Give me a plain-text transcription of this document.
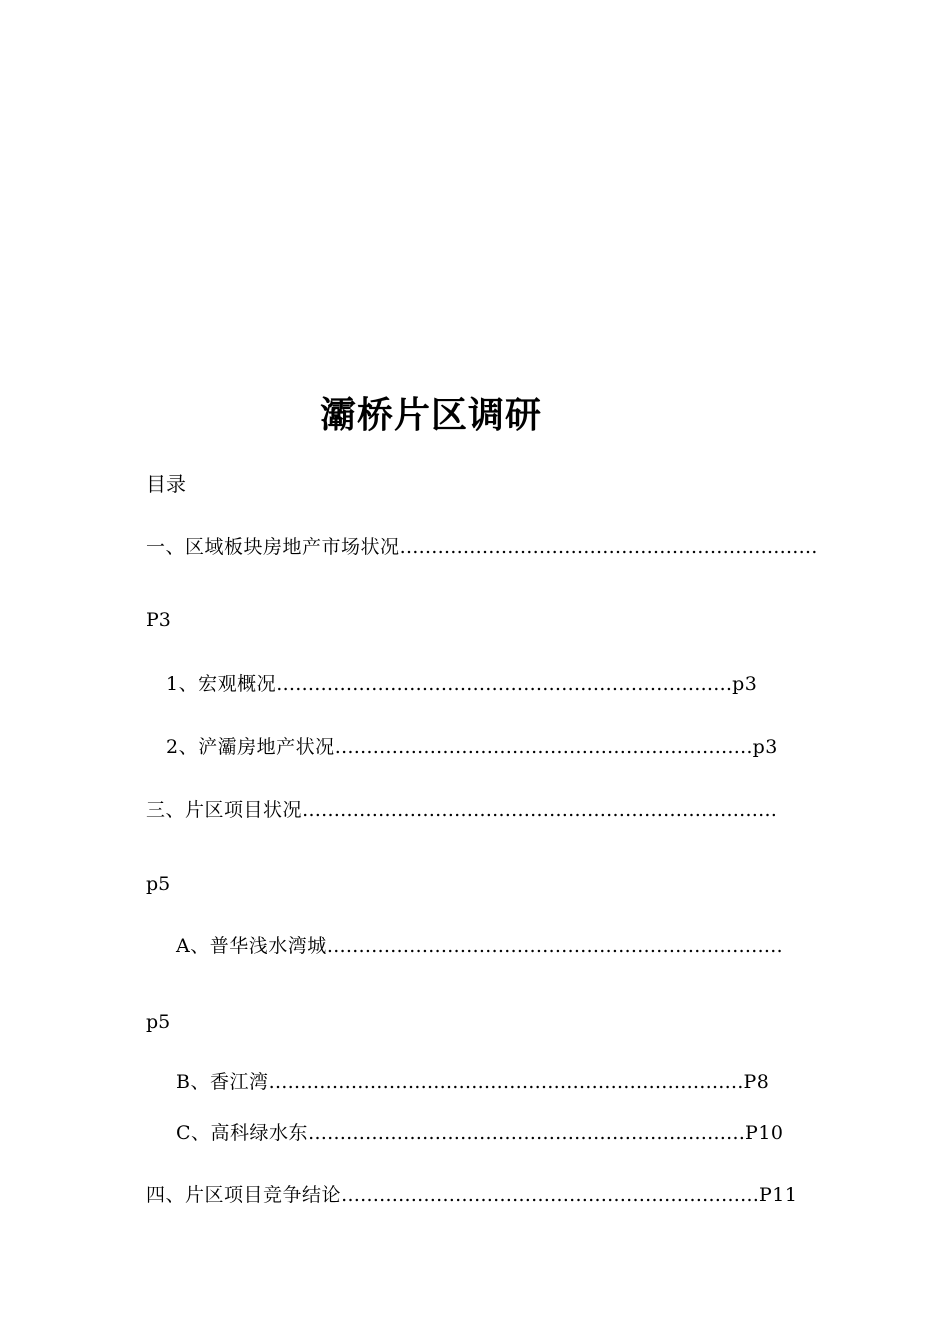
灞桥片区调研
目录
一、区域板块房地产市场状况…………………………………………………………
P3
1、宏观概况………………………………………………………………p3
2、浐灞房地产状况…………………………………………………………p3
三、片区项目状况…………………………………………………………………
p5
A、普华浅水湾城………………………………………………………………
p5
B、香江湾…………………………………………………………………P8
C、高科绿水东……………………………………………………………P10
四、片区项目竞争结论…………………………………………………………P11
